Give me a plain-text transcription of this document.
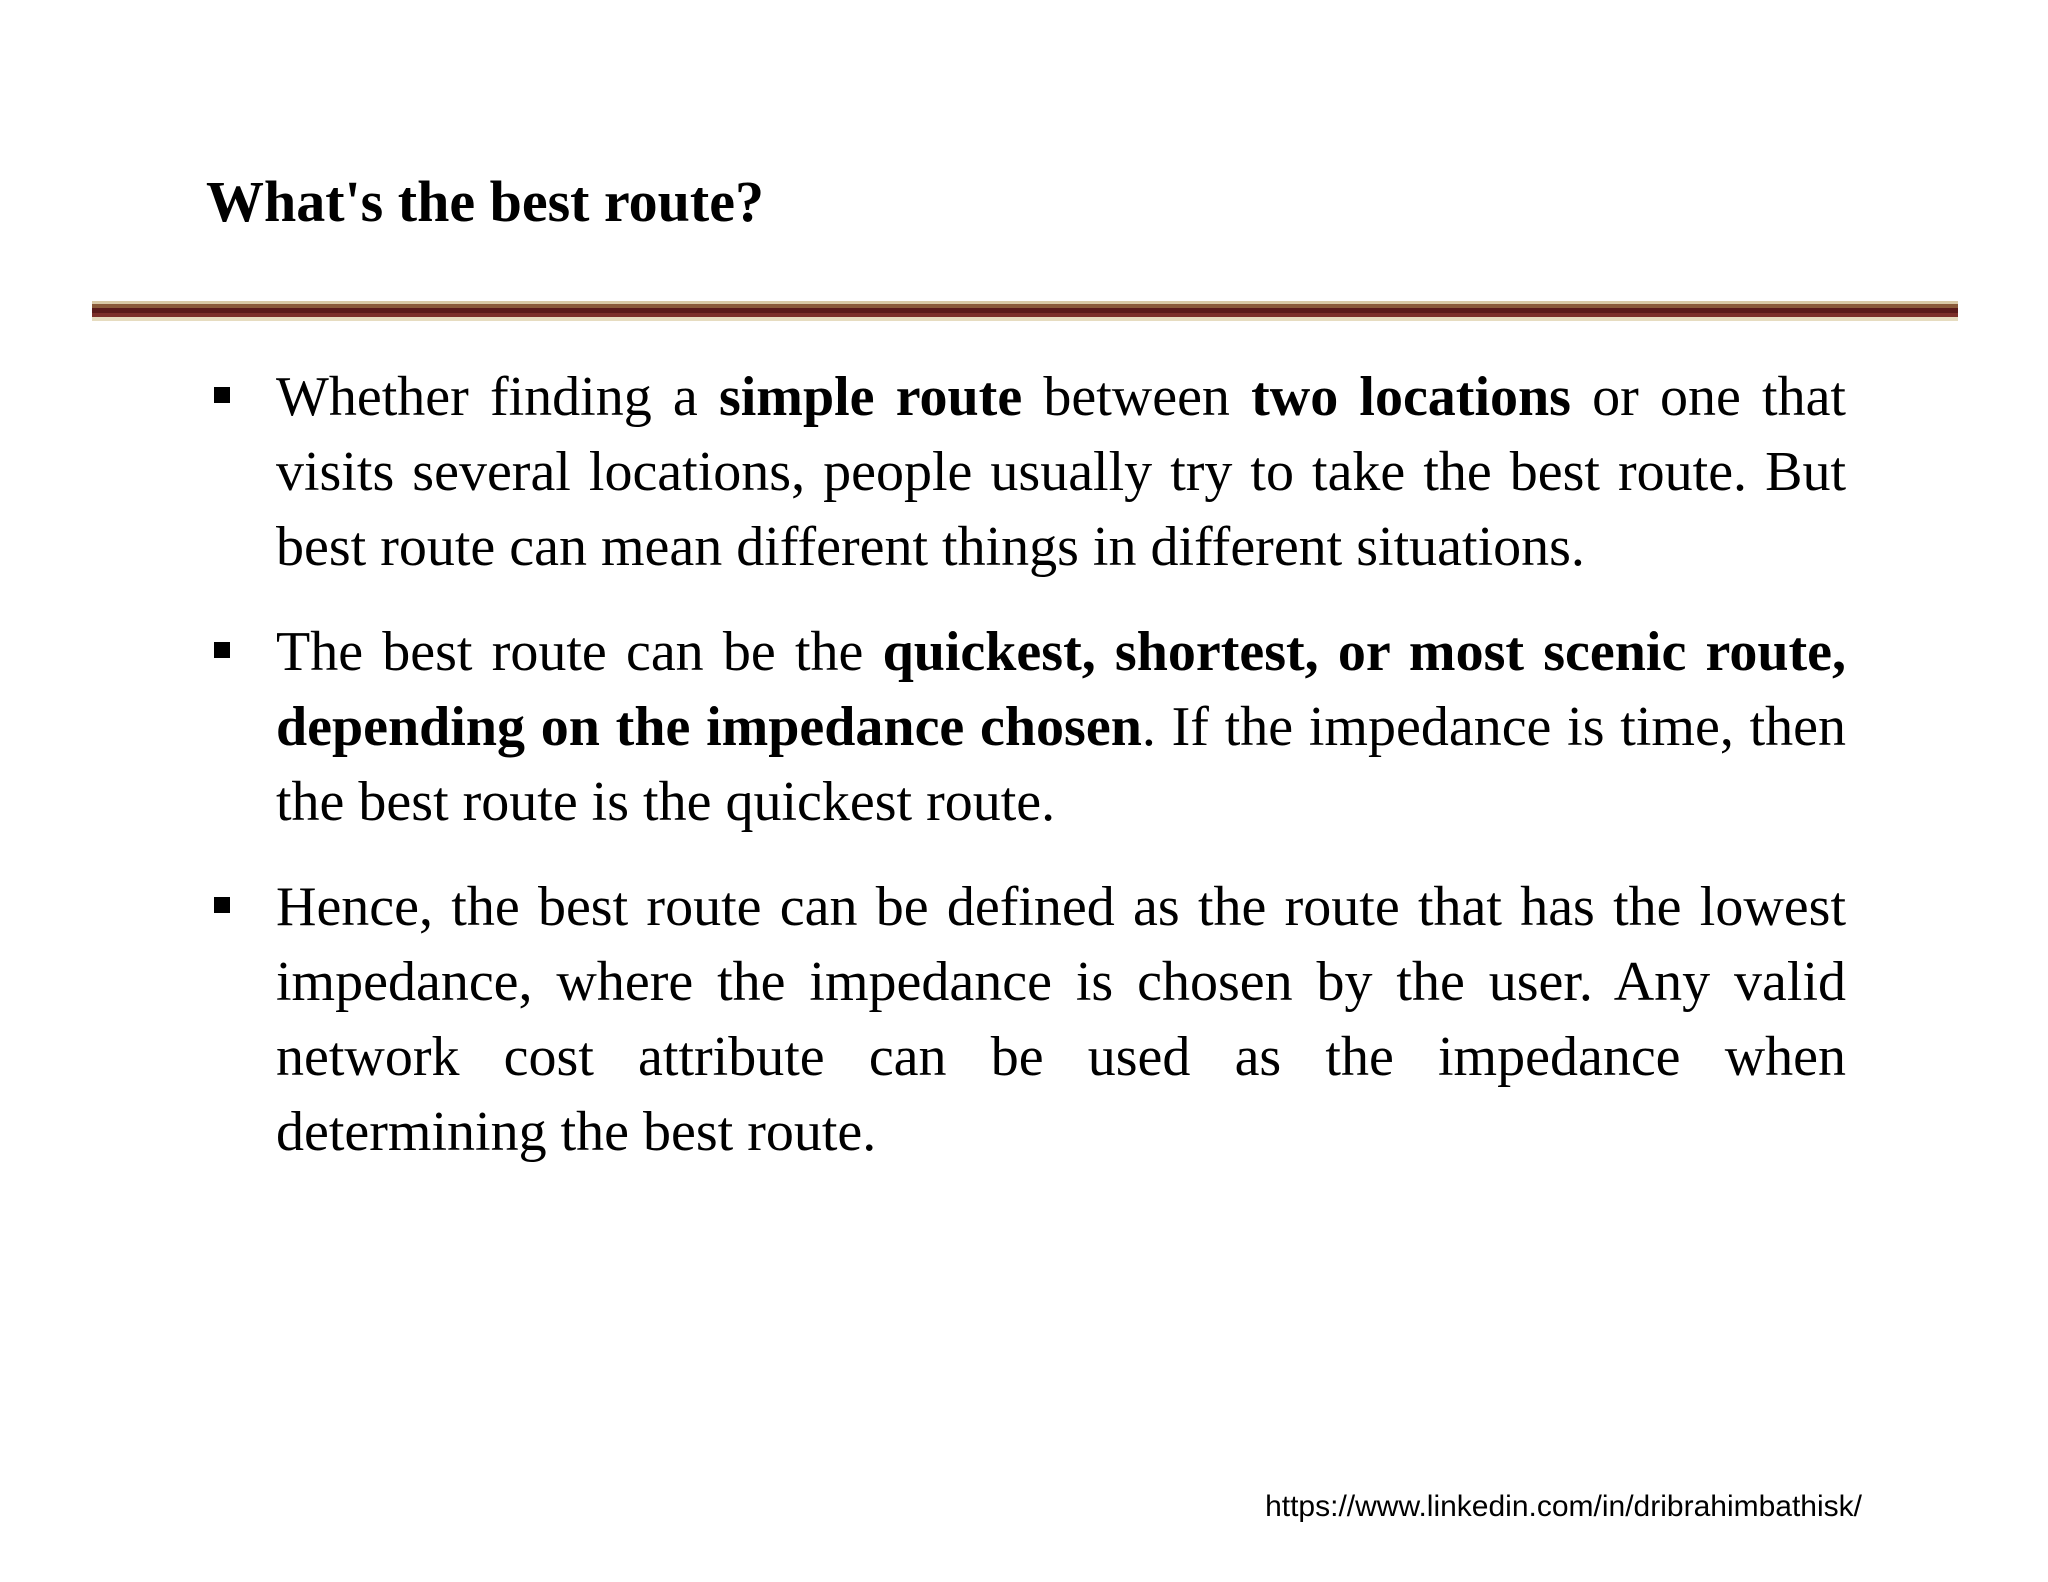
What's the best route?
Whether finding a simple route between two locations or one that visits several locations, people usually try to take the best route. But best route can mean different things in different situations.
The best route can be the quickest, shortest, or most scenic route, depending on the impedance chosen. If the impedance is time, then the best route is the quickest route.
Hence, the best route can be defined as the route that has the lowest impedance, where the impedance is chosen by the user. Any valid network cost attribute can be used as the impedance when determining the best route.
https://www.linkedin.com/in/dribrahimbathisk/
